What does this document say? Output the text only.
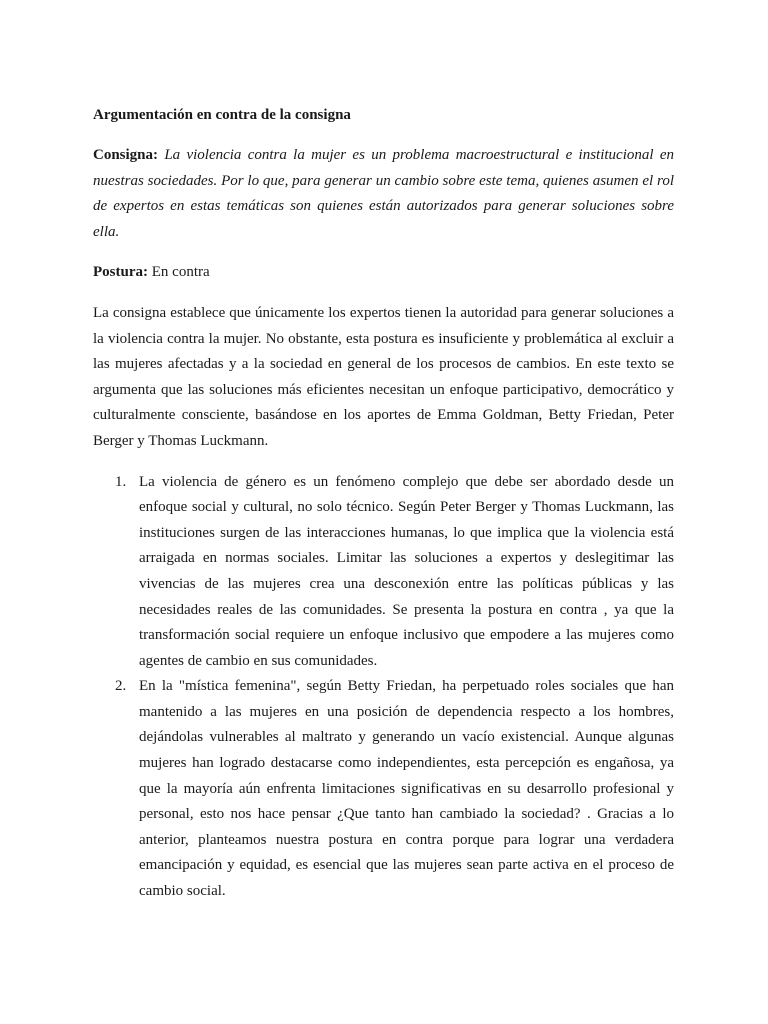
Argumentación en contra de la consigna

Consigna: La violencia contra la mujer es un problema macroestructural e institucional en nuestras sociedades. Por lo que, para generar un cambio sobre este tema, quienes asumen el rol de expertos en estas temáticas son quienes están autorizados para generar soluciones sobre ella.

Postura: En contra

La consigna establece que únicamente los expertos tienen la autoridad para generar soluciones a la violencia contra la mujer. No obstante, esta postura es insuficiente y problemática al excluir a las mujeres afectadas y a la sociedad en general de los procesos de cambios. En este texto se argumenta que las soluciones más eficientes necesitan un enfoque participativo, democrático y culturalmente consciente, basándose en los aportes de Emma Goldman, Betty Friedan, Peter Berger y Thomas Luckmann.

1. La violencia de género es un fenómeno complejo que debe ser abordado desde un enfoque social y cultural, no solo técnico. Según Peter Berger y Thomas Luckmann, las instituciones surgen de las interacciones humanas, lo que implica que la violencia está arraigada en normas sociales. Limitar las soluciones a expertos y deslegitimar las vivencias de las mujeres crea una desconexión entre las políticas públicas y las necesidades reales de las comunidades. Se presenta la postura en contra , ya que la transformación social requiere un enfoque inclusivo que empodere a las mujeres como agentes de cambio en sus comunidades.

2. En la "mística femenina", según Betty Friedan, ha perpetuado roles sociales que han mantenido a las mujeres en una posición de dependencia respecto a los hombres, dejándolas vulnerables al maltrato y generando un vacío existencial. Aunque algunas mujeres han logrado destacarse como independientes, esta percepción es engañosa, ya que la mayoría aún enfrenta limitaciones significativas en su desarrollo profesional y personal, esto nos hace pensar ¿Que tanto han cambiado la sociedad? . Gracias a lo anterior, planteamos nuestra postura en contra porque para lograr una verdadera emancipación y equidad, es esencial que las mujeres sean parte activa en el proceso de cambio social.
